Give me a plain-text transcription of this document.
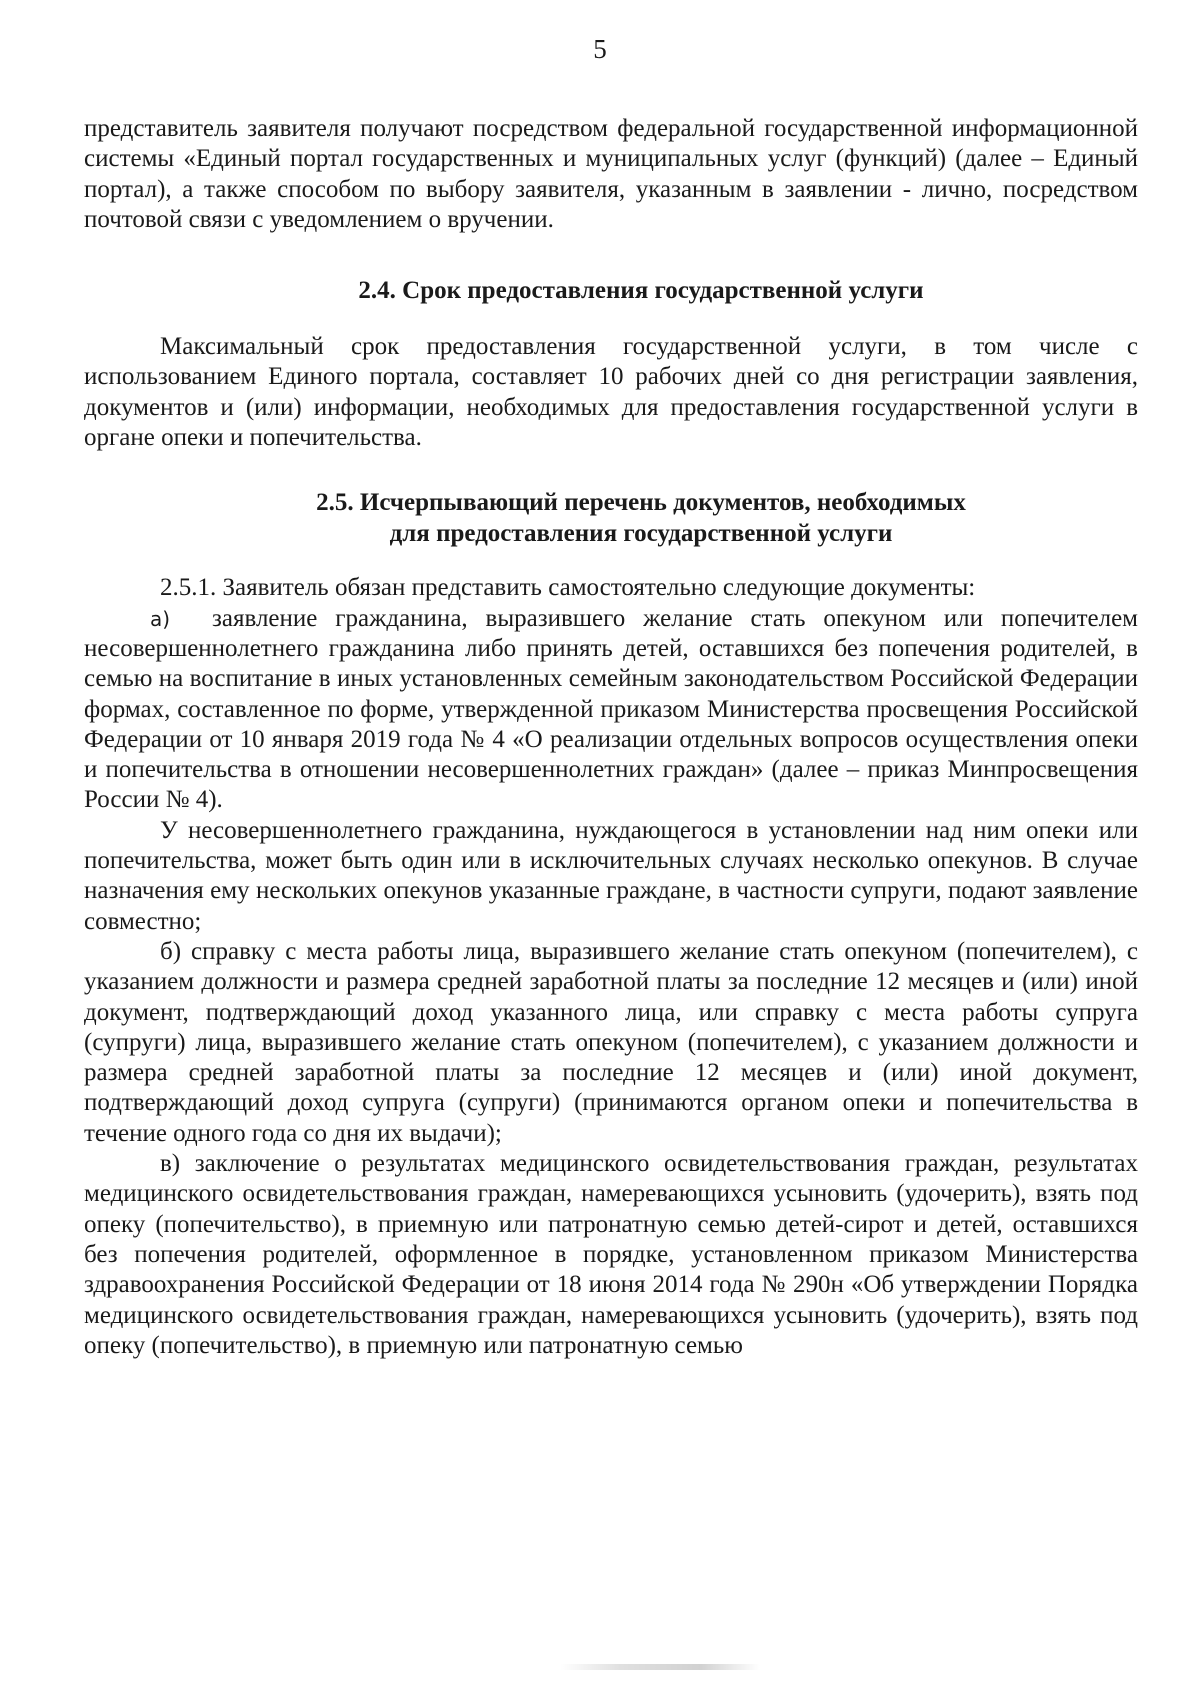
5

представитель заявителя получают посредством федеральной государственной информационной системы «Единый портал государственных и муниципальных услуг (функций) (далее – Единый портал), а также способом по выбору заявителя, указанным в заявлении - лично, посредством почтовой связи с уведомлением о вручении.

2.4. Срок предоставления государственной услуги

Максимальный срок предоставления государственной услуги, в том числе с использованием Единого портала, составляет 10 рабочих дней со дня регистрации заявления, документов и (или) информации, необходимых для предоставления государственной услуги в органе опеки и попечительства.

2.5. Исчерпывающий перечень документов, необходимых
для предоставления государственной услуги

2.5.1. Заявитель обязан представить самостоятельно следующие документы:

а) заявление гражданина, выразившего желание стать опекуном или попечителем несовершеннолетнего гражданина либо принять детей, оставшихся без попечения родителей, в семью на воспитание в иных установленных семейным законодательством Российской Федерации формах, составленное по форме, утвержденной приказом Министерства просвещения Российской Федерации от 10 января 2019 года № 4 «О реализации отдельных вопросов осуществления опеки и попечительства в отношении несовершеннолетних граждан» (далее – приказ Минпросвещения России № 4).

У несовершеннолетнего гражданина, нуждающегося в установлении над ним опеки или попечительства, может быть один или в исключительных случаях несколько опекунов. В случае назначения ему нескольких опекунов указанные граждане, в частности супруги, подают заявление совместно;

б) справку с места работы лица, выразившего желание стать опекуном (попечителем), с указанием должности и размера средней заработной платы за последние 12 месяцев и (или) иной документ, подтверждающий доход указанного лица, или справку с места работы супруга (супруги) лица, выразившего желание стать опекуном (попечителем), с указанием должности и размера средней заработной платы за последние 12 месяцев и (или) иной документ, подтверждающий доход супруга (супруги) (принимаются органом опеки и попечительства в течение одного года со дня их выдачи);

в) заключение о результатах медицинского освидетельствования граждан, результатах медицинского освидетельствования граждан, намеревающихся усыновить (удочерить), взять под опеку (попечительство), в приемную или патронатную семью детей-сирот и детей, оставшихся без попечения родителей, оформленное в порядке, установленном приказом Министерства здравоохранения Российской Федерации от 18 июня 2014 года № 290н «Об утверждении Порядка медицинского освидетельствования граждан, намеревающихся усыновить (удочерить), взять под опеку (попечительство), в приемную или патронатную семью
